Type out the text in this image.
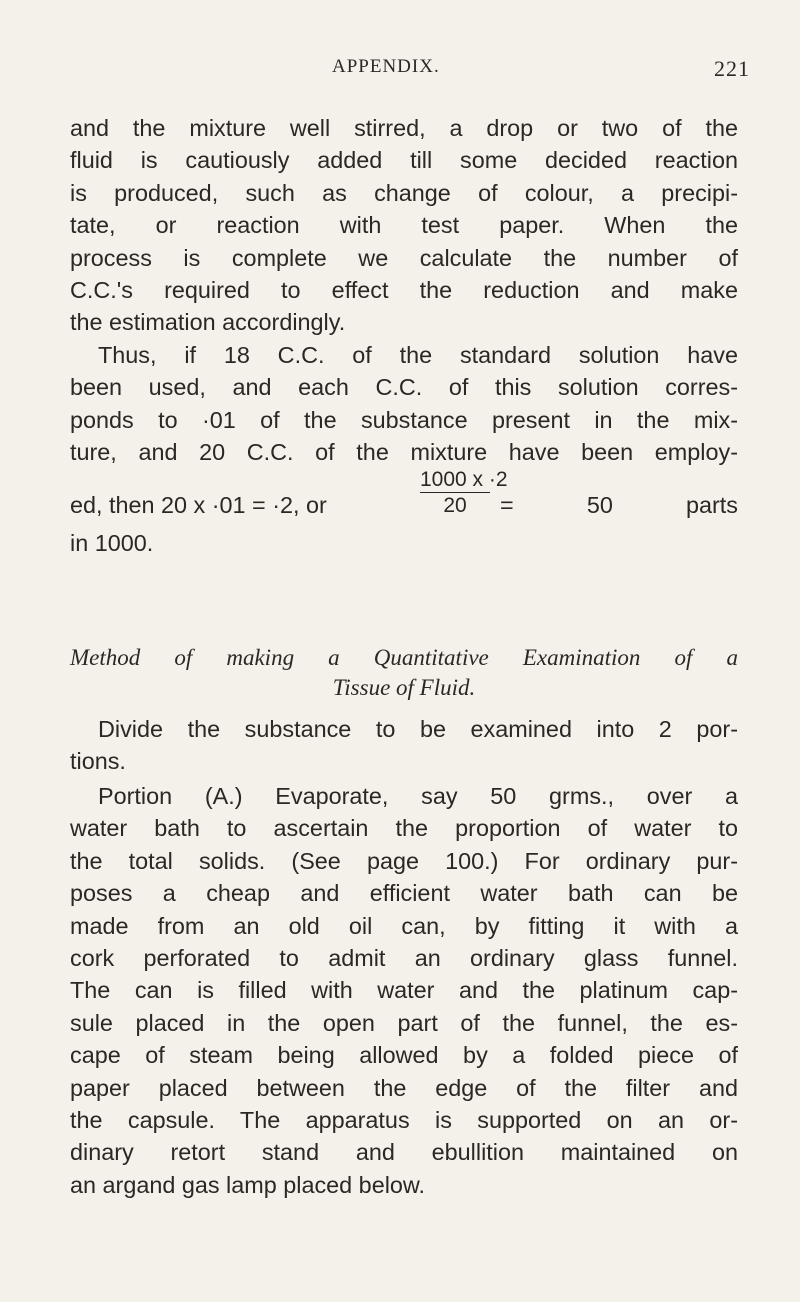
APPENDIX.	221
and the mixture well stirred, a drop or two of the
fluid is cautiously added till some decided reaction
is produced, such as change of colour, a precipi-
tate, or reaction with test paper. When the
process is complete we calculate the number of
C.C.'s required to effect the reduction and make
the estimation accordingly.
Thus, if 18 C.C. of the standard solution have
been used, and each C.C. of this solution corres-
ponds to ·01 of the substance present in the mix-
ture, and 20 C.C. of the mixture have been employ-
ed, then 20 x ·01 = ·2, or	$\frac{1000 x \cdot 2}{20} = 50$ parts
in 1000.
Method of making a Quantitative Examination of a
Tissue of Fluid.
Divide the substance to be examined into 2 por-
tions.
Portion (A.) Evaporate, say 50 grms., over a
water bath to ascertain the proportion of water to
the total solids. (See page 100.) For ordinary pur-
poses a cheap and efficient water bath can be
made from an old oil can, by fitting it with a
cork perforated to admit an ordinary glass funnel.
The can is filled with water and the platinum cap-
sule placed in the open part of the funnel, the es-
cape of steam being allowed by a folded piece of
paper placed between the edge of the filter and
the capsule. The apparatus is supported on an or-
dinary retort stand and ebullition maintained on
an argand gas lamp placed below.
